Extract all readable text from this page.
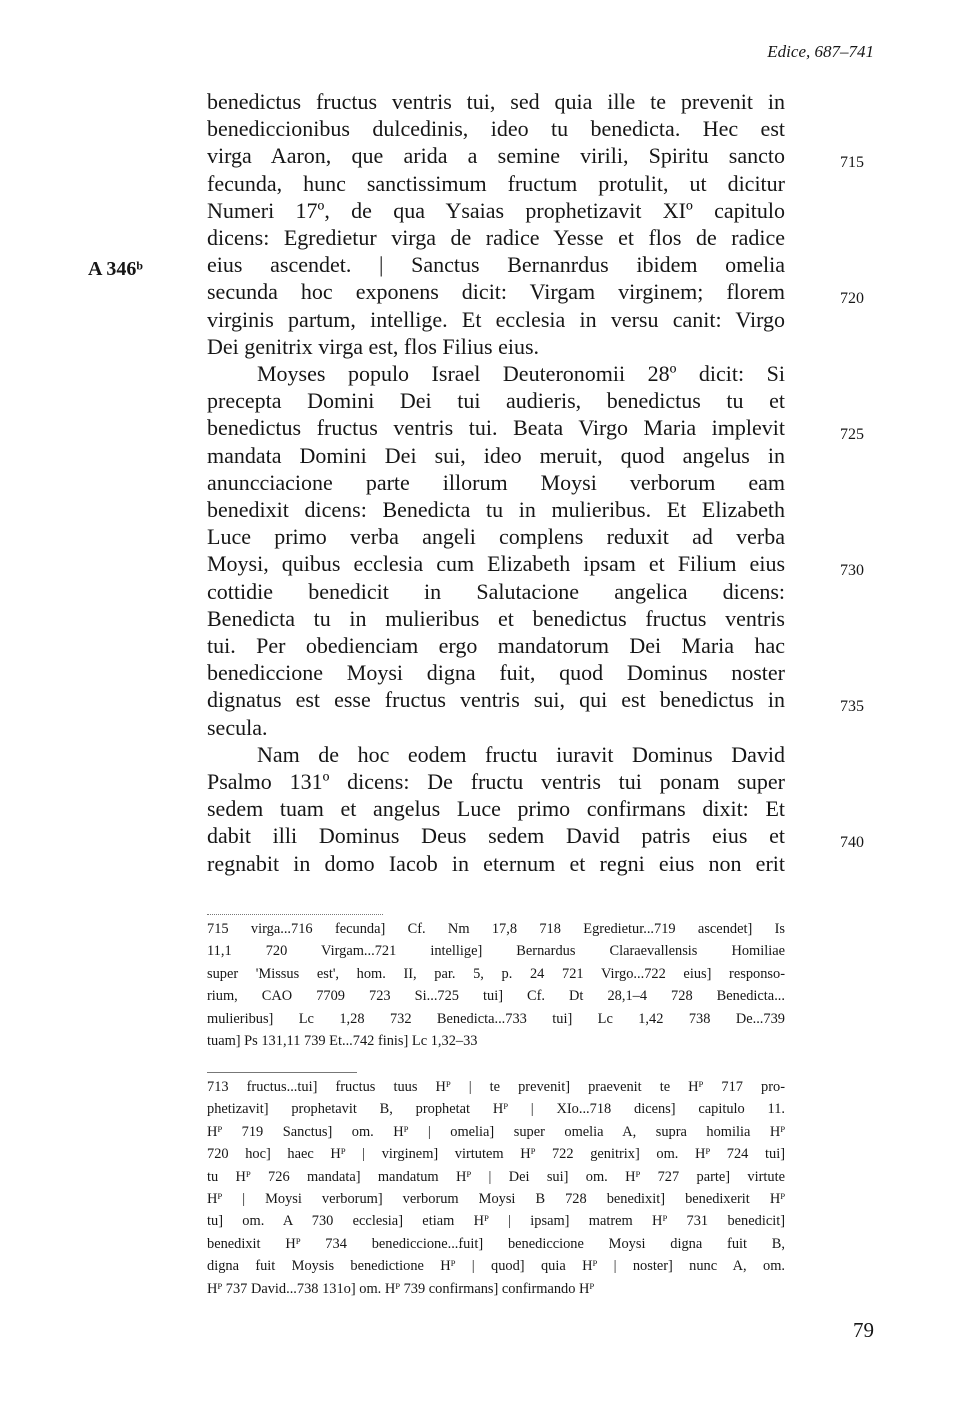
Edice, 687–741
A 346ᵇ
benedictus fructus ventris tui, sed quia ille te prevenit in
benediccionibus dulcedinis, ideo tu benedicta. Hec est
virga Aaron, que arida a semine virili, Spiritu sancto
fecunda, hunc sanctissimum fructum protulit, ut dicitur
Numeri 17º, de qua Ysaias prophetizavit XIº capitulo
dicens: Egredietur virga de radice Yesse et flos de radice
eius ascendet. | Sanctus Bernanrdus ibidem omelia
secunda hoc exponens dicit: Virgam virginem; florem
virginis partum, intellige. Et ecclesia in versu canit: Virgo
Dei genitrix virga est, flos Filius eius.
Moyses populo Israel Deuteronomii 28º dicit: Si
precepta Domini Dei tui audieris, benedictus tu et
benedictus fructus ventris tui. Beata Virgo Maria implevit
mandata Domini Dei sui, ideo meruit, quod angelus in
anuncciacione parte illorum Moysi verborum eam
benedixit dicens: Benedicta tu in mulieribus. Et Elizabeth
Luce primo verba angeli complens reduxit ad verba
Moysi, quibus ecclesia cum Elizabeth ipsam et Filium eius
cottidie benedicit in Salutacione angelica dicens:
Benedicta tu in mulieribus et benedictus fructus ventris
tui. Per obedienciam ergo mandatorum Dei Maria hac
benediccione Moysi digna fuit, quod Dominus noster
dignatus est esse fructus ventris sui, qui est benedictus in
secula.
Nam de hoc eodem fructu iuravit Dominus David
Psalmo 131º dicens: De fructu ventris tui ponam super
sedem tuam et angelus Luce primo confirmans dixit: Et
dabit illi Dominus Deus sedem David patris eius et
regnabit in domo Iacob in eternum et regni eius non erit
715
720
725
730
735
740
715 virga...716 fecunda] Cf. Nm 17,8 718 Egredietur...719 ascendet] Is
11,1 720 Virgam...721 intellige] Bernardus Claraevallensis Homiliae
super 'Missus est', hom. II, par. 5, p. 24 721 Virgo...722 eius] responso-
rium, CAO 7709 723 Si...725 tui] Cf. Dt 28,1–4 728 Benedicta...
mulieribus] Lc 1,28 732 Benedicta...733 tui] Lc 1,42 738 De...739
tuam] Ps 131,11 739 Et...742 finis] Lc 1,32–33
713 fructus...tui] fructus tuus Hᴾ | te prevenit] praevenit te Hᴾ 717 pro-
phetizavit] prophetavit B, prophetat Hᴾ | XIo...718 dicens] capitulo 11.
Hᴾ 719 Sanctus] om. Hᴾ | omelia] super omelia A, supra homilia Hᴾ
720 hoc] haec Hᴾ | virginem] virtutem Hᴾ 722 genitrix] om. Hᴾ 724 tui]
tu Hᴾ 726 mandata] mandatum Hᴾ | Dei sui] om. Hᴾ 727 parte] virtute
Hᴾ | Moysi verborum] verborum Moysi B 728 benedixit] benedixerit Hᴾ
tu] om. A 730 ecclesia] etiam Hᴾ | ipsam] matrem Hᴾ 731 benedicit]
benedixit Hᴾ 734 benediccione...fuit] benediccione Moysi digna fuit B,
digna fuit Moysis benedictione Hᴾ | quod] quia Hᴾ | noster] nunc A, om.
Hᴾ 737 David...738 131o] om. Hᴾ 739 confirmans] confirmando Hᴾ
79
